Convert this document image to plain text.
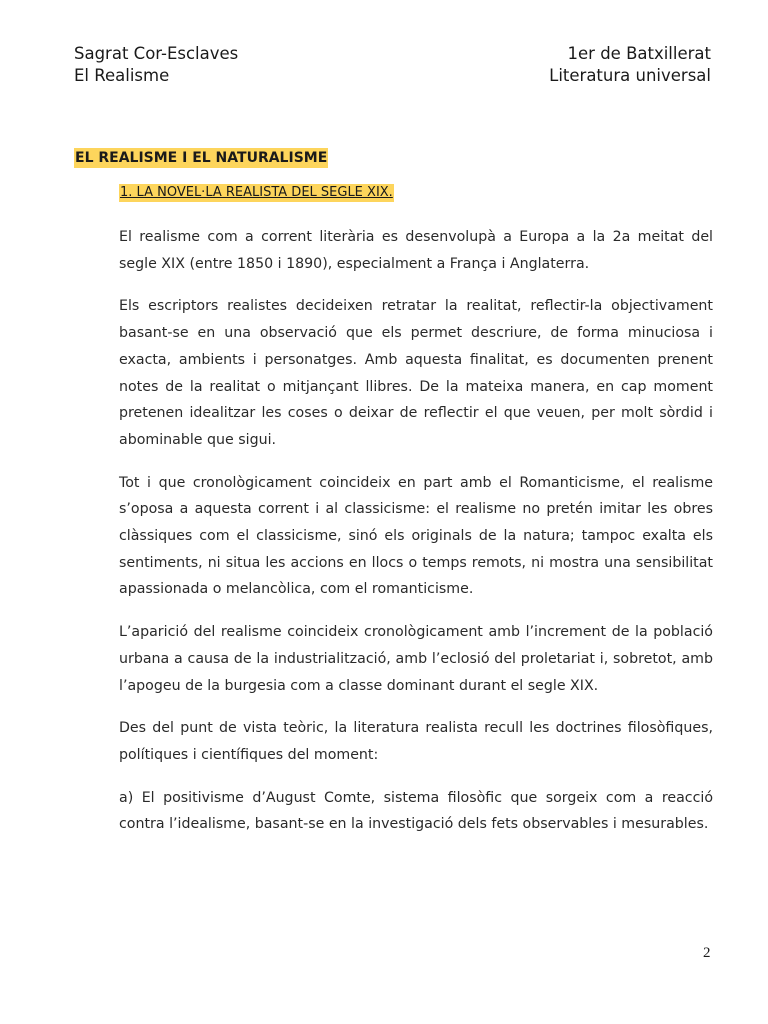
Sagrat Cor-Esclaves	1er de Batxillerat
El Realisme	Literatura universal
EL REALISME I EL NATURALISME
1. LA NOVEL·LA REALISTA DEL SEGLE XIX.

El realisme com a corrent literària es desenvolupà a Europa a la 2a meitat del segle XIX (entre 1850 i 1890), especialment a França i Anglaterra.

Els escriptors realistes decideixen retratar la realitat, reflectir-la objectivament basant-se en una observació que els permet descriure, de forma minuciosa i exacta, ambients i personatges. Amb aquesta finalitat, es documenten prenent notes de la realitat o mitjançant llibres. De la mateixa manera, en cap moment pretenen idealitzar les coses o deixar de reflectir el que veuen, per molt sòrdid i abominable que sigui.

Tot i que cronològicament coincideix en part amb el Romanticisme, el realisme s’oposa a aquesta corrent i al classicisme: el realisme no pretén imitar les obres clàssiques com el classicisme, sinó els originals de la natura; tampoc exalta els sentiments, ni situa les accions en llocs o temps remots, ni mostra una sensibilitat apassionada o melancòlica, com el romanticisme.

L’aparició del realisme coincideix cronològicament amb l’increment de la població urbana a causa de la industrialització, amb l’eclosió del proletariat i, sobretot, amb l’apogeu de la burgesia com a classe dominant durant el segle XIX.

Des del punt de vista teòric, la literatura realista recull les doctrines filosòfiques, polítiques i científiques del moment:

a) El positivisme d’August Comte, sistema filosòfic que sorgeix com a reacció contra l’idealisme, basant-se en la investigació dels fets observables i mesurables.

2
